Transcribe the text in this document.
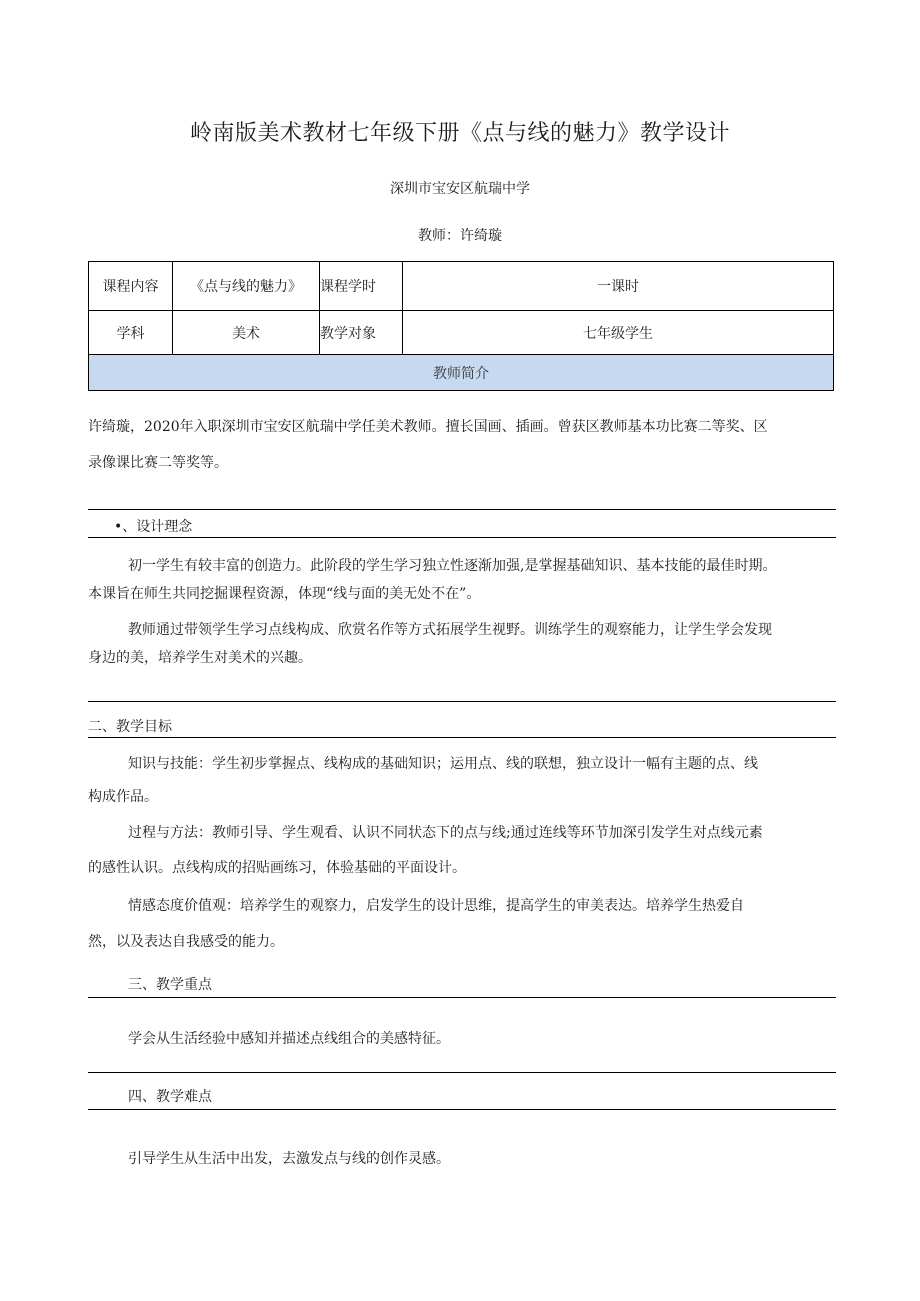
岭南版美术教材七年级下册《点与线的魅力》教学设计
深圳市宝安区航瑞中学
教师：许绮璇
课程内容	《点与线的魅力》	课程学时	一课时
学科	美术	教学对象	七年级学生
教师简介			
许绮璇，2020年入职深圳市宝安区航瑞中学任美术教师。擅长国画、插画。曾获区教师基本功比赛二等奖、区
录像课比赛二等奖等。
•、设计理念
初一学生有较丰富的创造力。此阶段的学生学习独立性逐渐加强,是掌握基础知识、基本技能的最佳时期。
本课旨在师生共同挖掘课程资源，体现“线与面的美无处不在”。
教师通过带领学生学习点线构成、欣赏名作等方式拓展学生视野。训练学生的观察能力，让学生学会发现
身边的美，培养学生对美术的兴趣。
二、教学目标
知识与技能：学生初步掌握点、线构成的基础知识；运用点、线的联想，独立设计一幅有主题的点、线
构成作品。
过程与方法：教师引导、学生观看、认识不同状态下的点与线;通过连线等环节加深引发学生对点线元素
的感性认识。点线构成的招贴画练习，体验基础的平面设计。
情感态度价值观：培养学生的观察力，启发学生的设计思维，提高学生的审美表达。培养学生热爱自
然，以及表达自我感受的能力。
三、教学重点
学会从生活经验中感知并描述点线组合的美感特征。
四、教学难点
引导学生从生活中出发，去激发点与线的创作灵感。
